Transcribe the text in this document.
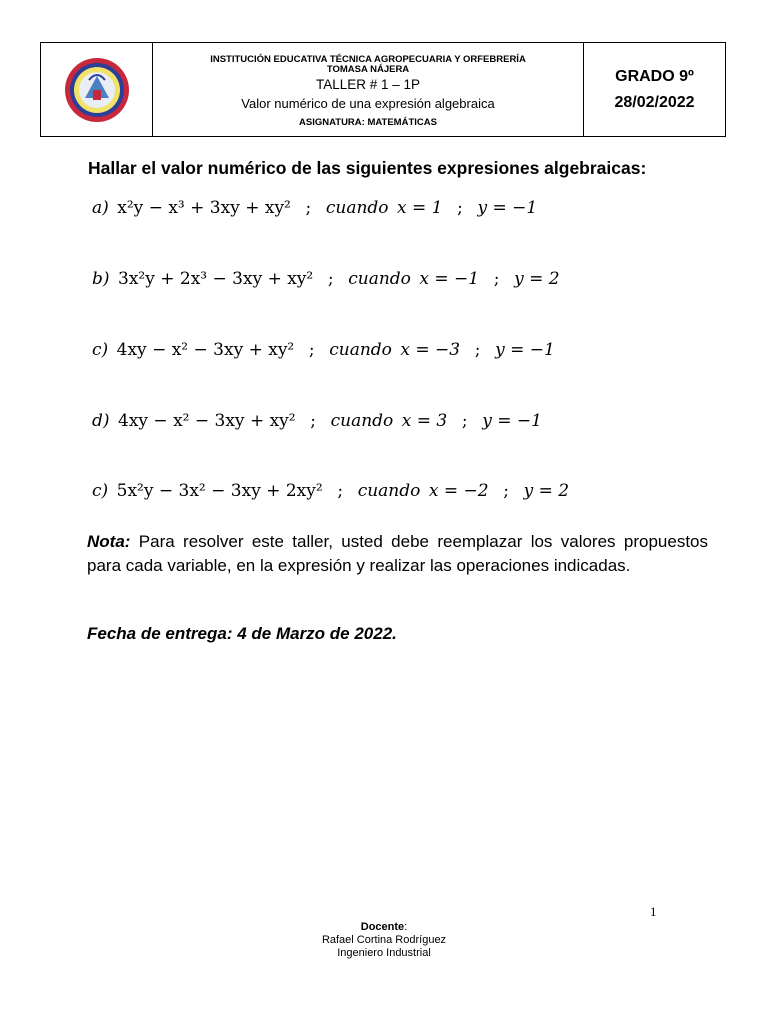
INSTITUCIÓN EDUCATIVA TÉCNICA AGROPECUARIA Y ORFEBRERÍA
TOMASA NÁJERA
TALLER # 1 – 1P
Valor numérico de una expresión algebraica
ASIGNATURA: MATEMÁTICAS
GRADO 9º
28/02/2022
Hallar el valor numérico de las siguientes expresiones algebraicas:
a)  x²y − x³ + 3xy + xy²  ;  cuando  x = 1  ;  y = −1
b)  3x²y + 2x³ − 3xy + xy²  ;  cuando  x = −1  ;  y = 2
c)  4xy − x² − 3xy + xy²  ;  cuando  x = −3  ;  y = −1
d)  4xy − x² − 3xy + xy²  ;  cuando  x = 3  ;  y = −1
c)  5x²y − 3x² − 3xy + 2xy²  ;  cuando  x = −2  ;  y = 2
Nota: Para resolver este taller, usted debe reemplazar los valores propuestos para cada variable, en la expresión y realizar las operaciones indicadas.
Fecha de entrega: 4 de Marzo de 2022.
1
Docente:
Rafael Cortina Rodríguez
Ingeniero Industrial
